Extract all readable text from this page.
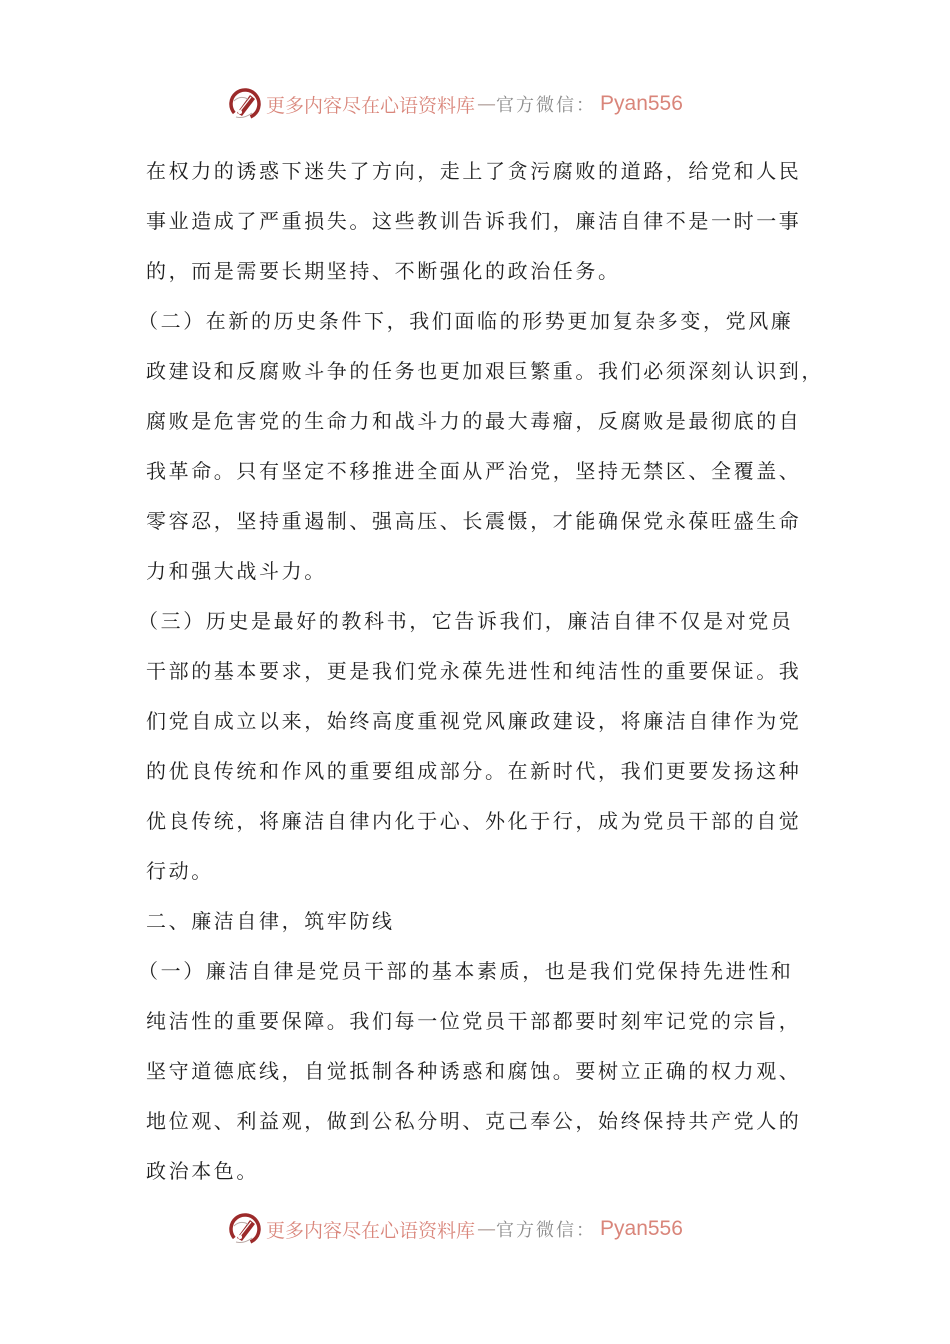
更多内容尽在心语资料库 — 官方微信： Pyan556
在权力的诱惑下迷失了方向，走上了贪污腐败的道路，给党和人民
事业造成了严重损失。这些教训告诉我们，廉洁自律不是一时一事
的，而是需要长期坚持、不断强化的政治任务。
（二）在新的历史条件下，我们面临的形势更加复杂多变，党风廉
政建设和反腐败斗争的任务也更加艰巨繁重。我们必须深刻认识到，
腐败是危害党的生命力和战斗力的最大毒瘤，反腐败是最彻底的自
我革命。只有坚定不移推进全面从严治党，坚持无禁区、全覆盖、
零容忍，坚持重遏制、强高压、长震慑，才能确保党永葆旺盛生命
力和强大战斗力。
（三）历史是最好的教科书，它告诉我们，廉洁自律不仅是对党员
干部的基本要求，更是我们党永葆先进性和纯洁性的重要保证。我
们党自成立以来，始终高度重视党风廉政建设，将廉洁自律作为党
的优良传统和作风的重要组成部分。在新时代，我们更要发扬这种
优良传统，将廉洁自律内化于心、外化于行，成为党员干部的自觉
行动。
二、廉洁自律，筑牢防线
（一）廉洁自律是党员干部的基本素质，也是我们党保持先进性和
纯洁性的重要保障。我们每一位党员干部都要时刻牢记党的宗旨，
坚守道德底线，自觉抵制各种诱惑和腐蚀。要树立正确的权力观、
地位观、利益观，做到公私分明、克己奉公，始终保持共产党人的
政治本色。
更多内容尽在心语资料库 — 官方微信： Pyan556
